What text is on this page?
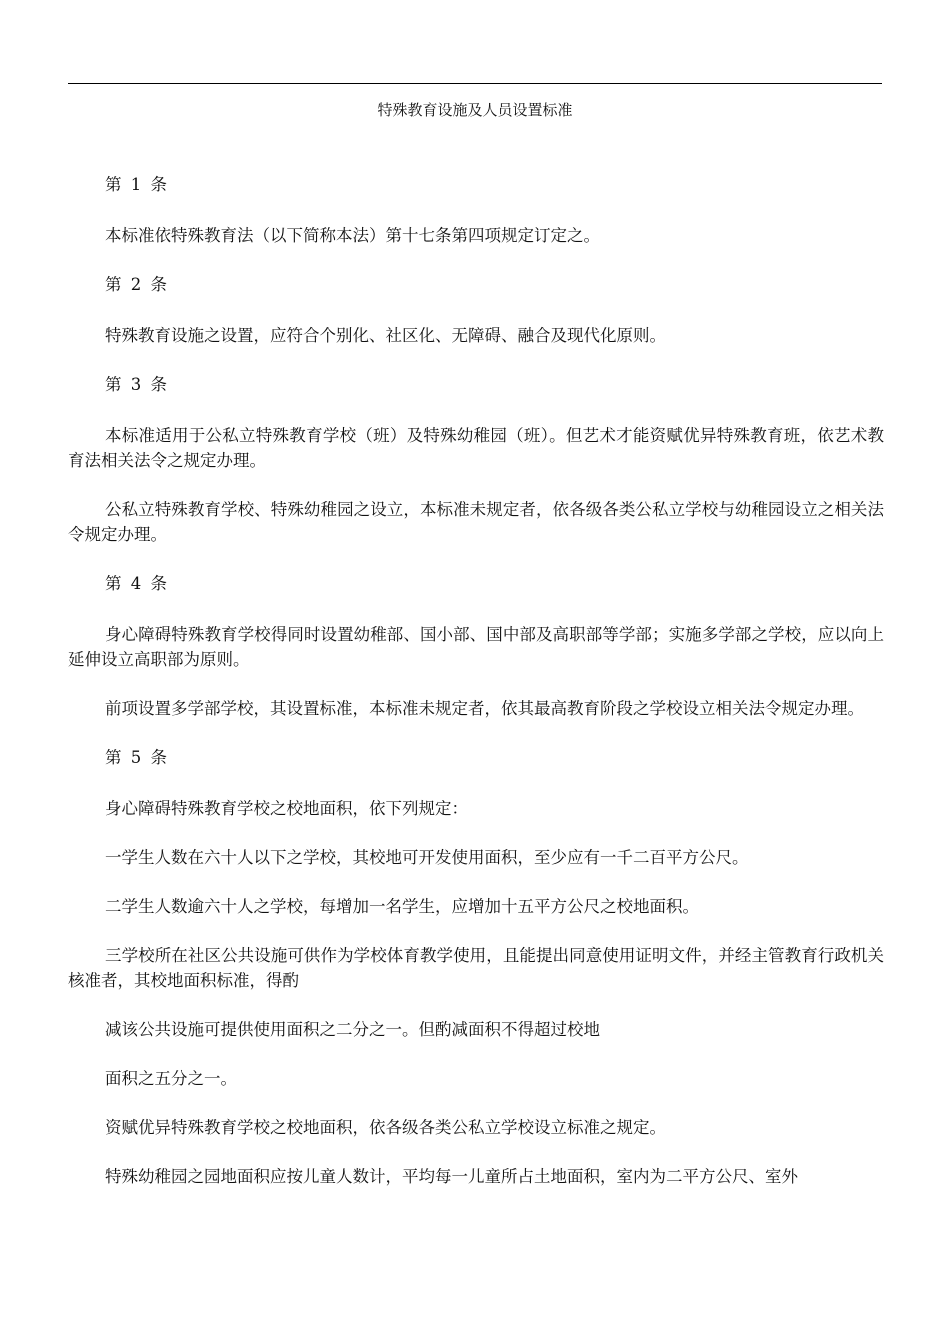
特殊教育设施及人员设置标准

第 1 条

本标准依特殊教育法（以下简称本法）第十七条第四项规定订定之。

第 2 条

特殊教育设施之设置，应符合个别化、社区化、无障碍、融合及现代化原则。

第 3 条

本标准适用于公私立特殊教育学校（班）及特殊幼稚园（班）。但艺术才能资赋优异特殊教育班，依艺术教育法相关法令之规定办理。

公私立特殊教育学校、特殊幼稚园之设立，本标准未规定者，依各级各类公私立学校与幼稚园设立之相关法令规定办理。

第 4 条

身心障碍特殊教育学校得同时设置幼稚部、国小部、国中部及高职部等学部；实施多学部之学校，应以向上延伸设立高职部为原则。

前项设置多学部学校，其设置标准，本标准未规定者，依其最高教育阶段之学校设立相关法令规定办理。

第 5 条

身心障碍特殊教育学校之校地面积，依下列规定：

一学生人数在六十人以下之学校，其校地可开发使用面积，至少应有一千二百平方公尺。

二学生人数逾六十人之学校，每增加一名学生，应增加十五平方公尺之校地面积。

三学校所在社区公共设施可供作为学校体育教学使用，且能提出同意使用证明文件，并经主管教育行政机关核准者，其校地面积标准，得酌

减该公共设施可提供使用面积之二分之一。但酌减面积不得超过校地

面积之五分之一。

资赋优异特殊教育学校之校地面积，依各级各类公私立学校设立标准之规定。

特殊幼稚园之园地面积应按儿童人数计，平均每一儿童所占土地面积，室内为二平方公尺、室外
